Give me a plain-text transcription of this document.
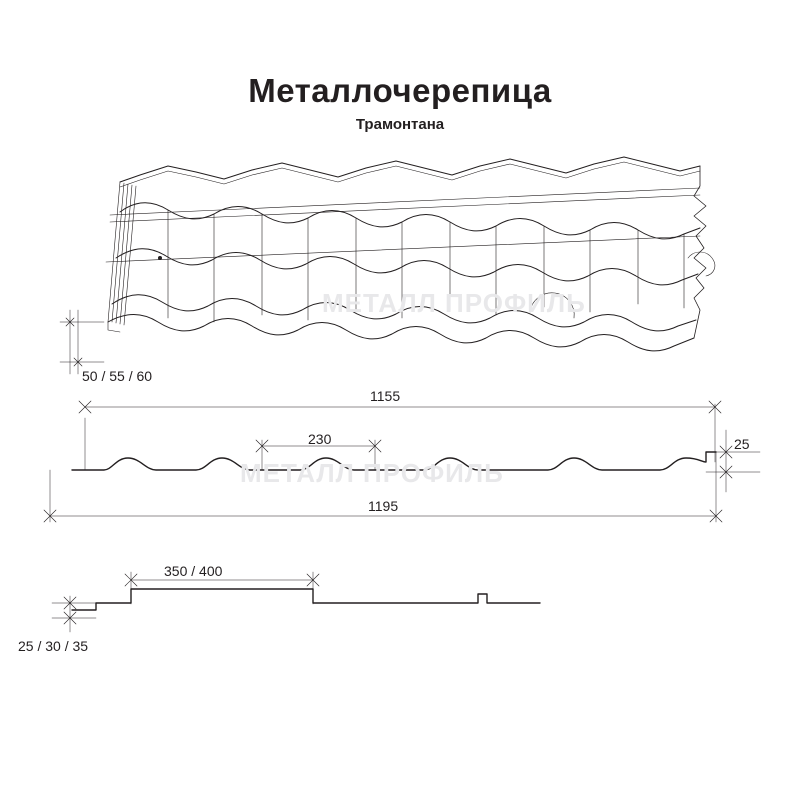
МЕТАЛЛ ПРОФИЛЬ
МЕТАЛЛ ПРОФИЛЬ
Металлочерепица
Трамонтана
50 / 55 / 60
1155
230	25
1195
350 / 400
25 / 30 / 35
